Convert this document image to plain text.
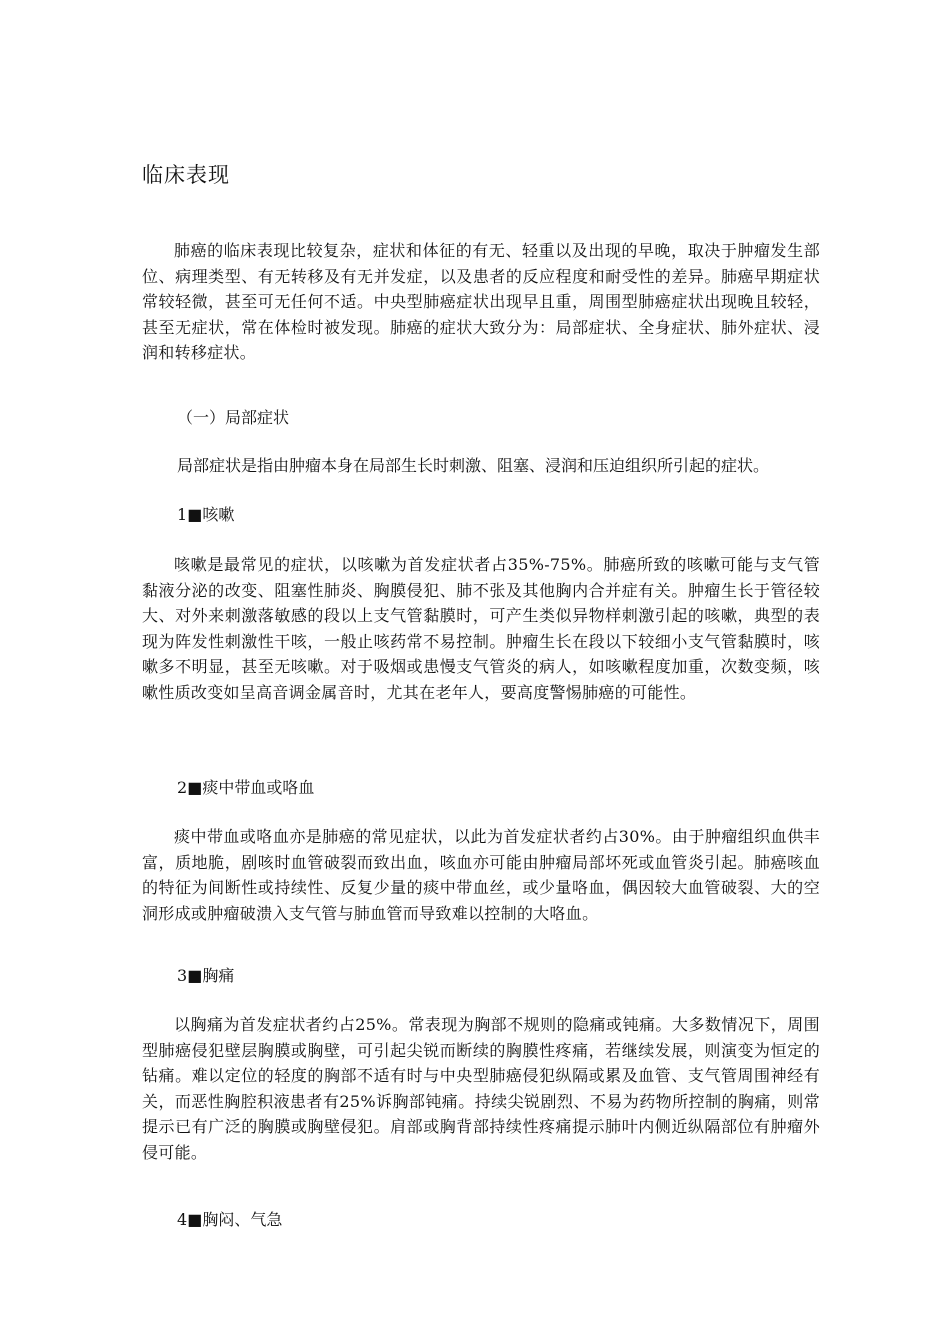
临床表现

肺癌的临床表现比较复杂，症状和体征的有无、轻重以及出现的早晚，取决于肿瘤发生部位、病理类型、有无转移及有无并发症，以及患者的反应程度和耐受性的差异。肺癌早期症状常较轻微，甚至可无任何不适。中央型肺癌症状出现早且重，周围型肺癌症状出现晚且较轻，甚至无症状，常在体检时被发现。肺癌的症状大致分为：局部症状、全身症状、肺外症状、浸润和转移症状。

（一）局部症状
局部症状是指由肿瘤本身在局部生长时刺激、阻塞、浸润和压迫组织所引起的症状。
1■咳嗽

咳嗽是最常见的症状，以咳嗽为首发症状者占35%-75%。肺癌所致的咳嗽可能与支气管黏液分泌的改变、阻塞性肺炎、胸膜侵犯、肺不张及其他胸内合并症有关。肿瘤生长于管径较大、对外来刺激落敏感的段以上支气管黏膜时，可产生类似异物样刺激引起的咳嗽，典型的表现为阵发性刺激性干咳，一般止咳药常不易控制。肿瘤生长在段以下较细小支气管黏膜时，咳嗽多不明显，甚至无咳嗽。对于吸烟或患慢支气管炎的病人，如咳嗽程度加重，次数变频，咳嗽性质改变如呈高音调金属音时，尤其在老年人，要高度警惕肺癌的可能性。

2■痰中带血或咯血

痰中带血或咯血亦是肺癌的常见症状，以此为首发症状者约占30%。由于肿瘤组织血供丰富，质地脆，剧咳时血管破裂而致出血，咳血亦可能由肿瘤局部坏死或血管炎引起。肺癌咳血的特征为间断性或持续性、反复少量的痰中带血丝，或少量咯血，偶因较大血管破裂、大的空洞形成或肿瘤破溃入支气管与肺血管而导致难以控制的大咯血。

3■胸痛

以胸痛为首发症状者约占25%。常表现为胸部不规则的隐痛或钝痛。大多数情况下，周围型肺癌侵犯壁层胸膜或胸壁，可引起尖锐而断续的胸膜性疼痛，若继续发展，则演变为恒定的钻痛。难以定位的轻度的胸部不适有时与中央型肺癌侵犯纵隔或累及血管、支气管周围神经有关，而恶性胸腔积液患者有25%诉胸部钝痛。持续尖锐剧烈、不易为药物所控制的胸痛，则常提示已有广泛的胸膜或胸壁侵犯。肩部或胸背部持续性疼痛提示肺叶内侧近纵隔部位有肿瘤外侵可能。

4■胸闷、气急
